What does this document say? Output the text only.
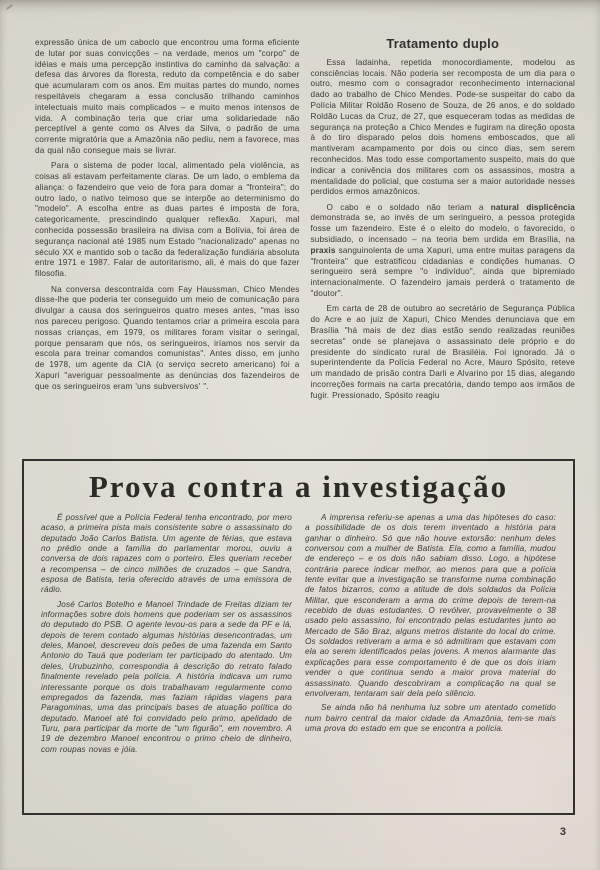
expressão única de um caboclo que encontrou uma forma eficiente de lutar por suas convicções – na verdade, menos um "corpo" de idéias e mais uma percepção instintiva do caminho da salvação: a defesa das árvores da floresta, reduto da competência e do saber que acumularam com os anos. Em muitas partes do mundo, nomes respeitáveis chegaram a essa conclusão trilhando caminhos intelectuais muito mais complicados – e muito menos intensos de vida. A combinação teria que criar uma solidariedade não perceptível a gente como os Alves da Silva, o padrão de uma corrente migratória que a Amazônia não pediu, nem a favorece, mas da qual não consegue mais se livrar.

Para o sistema de poder local, alimentado pela violência, as coisas ali estavam perfeitamente claras. De um lado, o emblema da aliança: o fazendeiro que veio de fora para domar a "fronteira"; do outro lado, o nativo teimoso que se interpõe ao determinismo do "modelo". A escolha entre as duas partes é imposta de fora, categoricamente, prescindindo qualquer reflexão. Xapuri, mal conhecida possessão brasileira na divisa com a Bolívia, foi área de segurança nacional até 1985 num Estado "nacionalizado" apenas no século XX e mantido sob o tacão da federalização fundiária absoluta entre 1971 e 1987. Falar de autoritarismo, ali, é mais do que fazer filosofia.

Na conversa descontraída com Fay Haussman, Chico Mendes disse-lhe que poderia ter conseguido um meio de comunicação para divulgar a causa dos seringueiros quatro meses antes, "mas isso nos pareceu perigoso. Quando tentamos criar a primeira escola para nossas crianças, em 1979, os militares foram visitar o seringal, porque pensaram que nós, os seringueiros, iríamos nos servir da escola para treinar comandos comunistas". Antes disso, em junho de 1978, um agente da CIA (o serviço secreto americano) foi a Xapuri "averiguar pessoalmente as denúncias dos fazendeiros de que os seringueiros eram 'uns subversivos' ".

Tratamento duplo

Essa ladainha, repetida monocordiamente, modelou as consciências locais. Não poderia ser recomposta de um dia para o outro, mesmo com o consagrador reconhecimento internacional dado ao trabalho de Chico Mendes. Pode-se suspeitar do cabo da Polícia Militar Roldão Roseno de Souza, de 26 anos, e do soldado Roldão Lucas da Cruz, de 27, que esqueceram todas as medidas de segurança na proteção a Chico Mendes e fugiram na direção oposta à do tiro disparado pelos dois homens emboscados, que ali mantiveram acampamento por dois ou cinco dias, sem serem reconhecidos. Mas todo esse comportamento suspeito, mais do que indicar a conivência dos militares com os assassinos, mostra a mentalidade do policial, que costuma ser a maior autoridade nesses perdidos ermos amazônicos.

O cabo e o soldado não teriam a natural displicência demonstrada se, ao invés de um seringueiro, a pessoa protegida fosse um fazendeiro. Este é o eleito do modelo, o favorecido, o subsidiado, o incensado – na teoria bem urdida em Brasília, na praxis sanguinolenta de uma Xapuri, uma entre muitas paragens da "fronteira" que estratificou cidadanias e condições humanas. O seringueiro será sempre "o indivíduo", ainda que bipremiado internacionalmente. O fazendeiro jamais perderá o tratamento de "doutor".

Em carta de 28 de outubro ao secretário de Segurança Pública do Acre e ao juiz de Xapuri, Chico Mendes denunciava que em Brasília "há mais de dez dias estão sendo realizadas reuniões secretas" onde se planejava o assassinato dele próprio e do presidente do sindicato rural de Brasiléia. Foi ignorado. Já o superintendente da Polícia Federal no Acre, Mauro Spósito, reteve um mandado de prisão contra Darli e Alvarino por 15 dias, alegando incorreções formais na carta precatória, dando tempo aos irmãos de fugir. Pressionado, Spósito reagiu

Prova contra a investigação

É possível que a Polícia Federal tenha encontrado, por mero acaso, a primeira pista mais consistente sobre o assassinato do deputado João Carlos Batista. Um agente de férias, que estava no prédio onde a família do parlamentar morou, ouviu a conversa de dois rapazes com o porteiro. Eles queriam receber a recompensa – de cinco milhões de cruzados – que Sandra, esposa de Batista, teria oferecido através de uma emissora de rádio.

José Carlos Botelho e Manoel Trindade de Freitas diziam ter informações sobre dois homens que poderiam ser os assassinos do deputado do PSB. O agente levou-os para a sede da PF e lá, depois de terem contado algumas histórias desencontradas, um deles, Manoel, descreveu dois peões de uma fazenda em Santo Antonio do Tauá que poderiam ter participado do atentado. Um deles, Urubuzinho, correspondia à descrição do retrato falado finalmente revelado pela polícia. A história indicava um rumo interessante porque os dois trabalhavam regularmente como empregados da fazenda, mas faziam rápidas viagens para Paragominas, uma das principais bases de atuação política do deputado. Manoel até foi convidado pelo primo, apelidado de Turu, para participar da morte de "um figurão", em novembro. A 19 de dezembro Manoel encontrou o primo cheio de dinheiro, com roupas novas e jóia.

A imprensa referiu-se apenas a uma das hipóteses do caso: a possibilidade de os dois terem inventado a história para ganhar o dinheiro. Só que não houve extorsão: nenhum deles conversou com a mulher de Batista. Ela, como a família, mudou de endereço – e os dois não sabiam disso. Logo, a hipótese contrária parece indicar melhor, ao menos para que a polícia tente evitar que a investigação se transforme numa combinação de fatos bizarros, como a atitude de dois soldados da Polícia Militar, que esconderam a arma do crime depois de terem-na recebido de duas estudantes. O revólver, provavelmente o 38 usado pelo assassino, foi encontrado pelas estudantes junto ao Mercado de São Braz, alguns metros distante do local do crime. Os soldados retiveram a arma e só admitiram que estavam com ela ao serem identificados pelas jovens. A menos alarmante das explicações para esse comportamento é de que os dois iriam vender o que continua sendo a maior prova material do assassinato. Quando descobriram a complicação na qual se envolveram, tentaram sair dela pelo silêncio.

Se ainda não há nenhuma luz sobre um atentado cometido num bairro central da maior cidade da Amazônia, tem-se mais uma prova do estado em que se encontra a polícia.

3
